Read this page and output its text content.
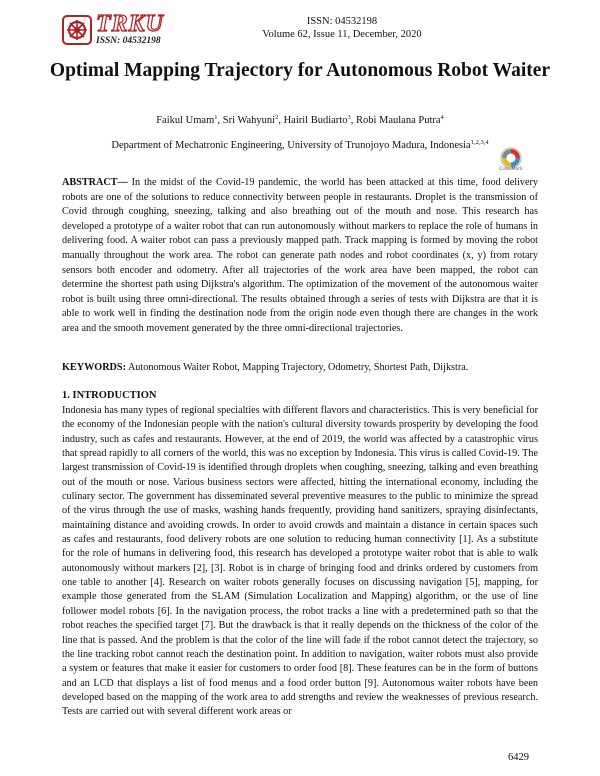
TRKU
ISSN: 04532198
ISSN: 04532198
Volume 62, Issue 11, December, 2020
Optimal Mapping Trajectory for Autonomous Robot Waiter
Faikul Umam$^1$, Sri Wahyuni$^2$, Hairil Budiarto$^3$, Robi Maulana Putra$^4$
Department of Mechatronic Engineering, University of Trunojoyo Madura, Indonesia$^{1,2,3,4}$
CrossMark
ABSTRACT— In the midst of the Covid-19 pandemic, the world has been attacked at this time, food delivery robots are one of the solutions to reduce connectivity between people in restaurants. Droplet is the transmission of Covid through coughing, sneezing, talking and also breathing out of the mouth and nose. This research has developed a prototype of a waiter robot that can run autonomously without markers to replace the role of humans in delivering food. A waiter robot can pass a previously mapped path. Track mapping is formed by moving the robot manually throughout the work area. The robot can generate path nodes and robot coordinates (x, y) from rotary sensors both encoder and odometry. After all trajectories of the work area have been mapped, the robot can determine the shortest path using Dijkstra's algorithm. The optimization of the movement of the autonomous waiter robot is built using three omni-directional. The results obtained through a series of tests with Dijkstra are that it is able to work well in finding the destination node from the origin node even though there are changes in the work area and the smooth movement generated by the three omni-directional trajectories.
KEYWORDS: Autonomous Waiter Robot, Mapping Trajectory, Odometry, Shortest Path, Dijkstra.
1. INTRODUCTION
Indonesia has many types of regional specialties with different flavors and characteristics. This is very beneficial for the economy of the Indonesian people with the nation's cultural diversity towards prosperity by developing the food industry, such as cafes and restaurants. However, at the end of 2019, the world was affected by a catastrophic virus that spread rapidly to all corners of the world, this was no exception by Indonesia. This virus is called Covid-19. The largest transmission of Covid-19 is identified through droplets when coughing, sneezing, talking and even breathing out of the mouth or nose. Various business sectors were affected, hitting the international economy, including the culinary sector. The government has disseminated several preventive measures to the public to minimize the spread of the virus through the use of masks, washing hands frequently, providing hand sanitizers, spraying disinfectants, maintaining distance and avoiding crowds. In order to avoid crowds and maintain a distance in certain spaces such as cafes and restaurants, food delivery robots are one solution to reducing human connectivity [1]. As a substitute for the role of humans in delivering food, this research has developed a prototype waiter robot that is able to walk autonomously without markers [2], [3]. Robot is in charge of bringing food and drinks ordered by customers from one table to another [4]. Research on waiter robots generally focuses on discussing navigation [5], mapping, for example those generated from the SLAM (Simulation Localization and Mapping) algorithm, or the use of line follower model robots [6]. In the navigation process, the robot tracks a line with a predetermined path so that the robot reaches the specified target [7]. But the drawback is that it really depends on the thickness of the color of the line that is passed. And the problem is that the color of the line will fade if the robot cannot detect the trajectory, so the line tracking robot cannot reach the destination point. In addition to navigation, waiter robots must also provide a system or features that make it easier for customers to order food [8]. These features can be in the form of buttons and an LCD that displays a list of food menus and a food order button [9]. Autonomous waiter robots have been developed based on the mapping of the work area to add strengths and review the weaknesses of previous research. Tests are carried out with several different work areas or
6429
